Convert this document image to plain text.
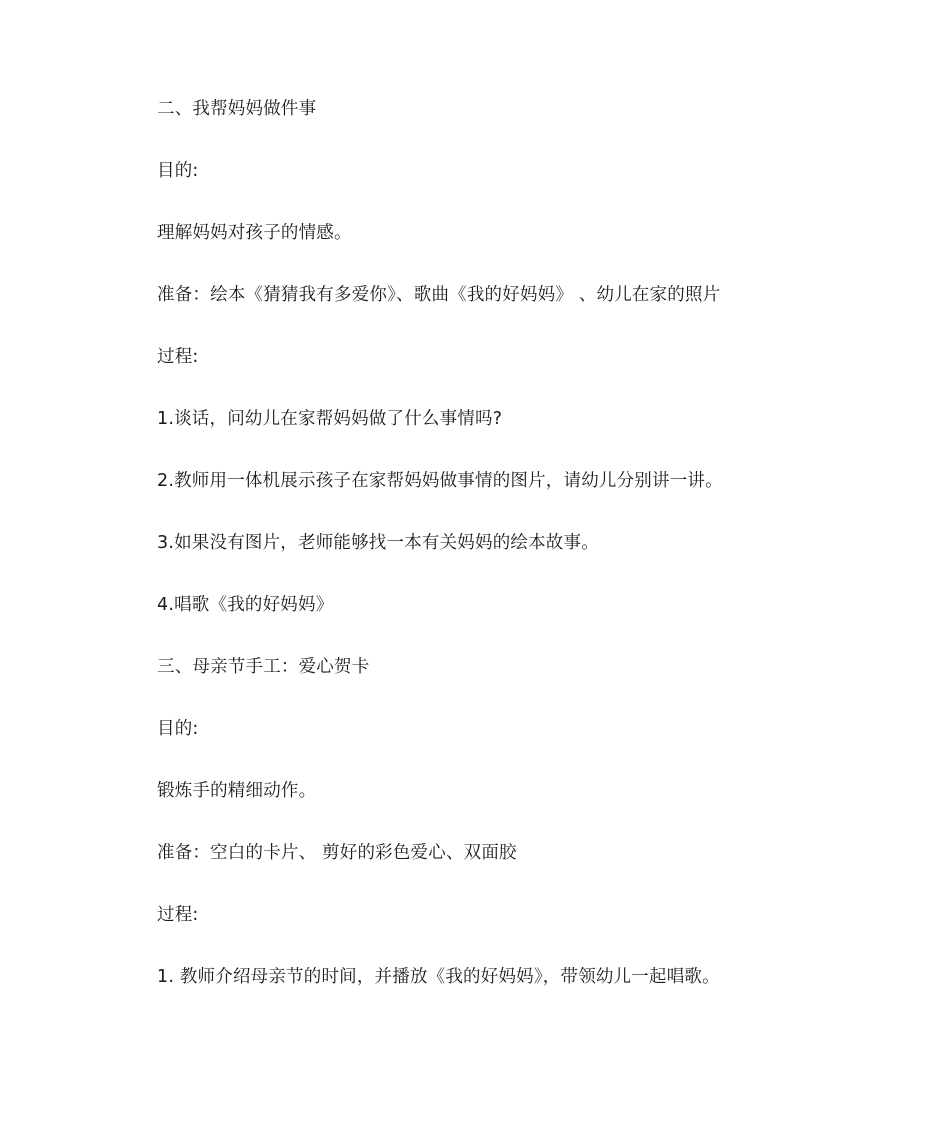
二、我帮妈妈做件事

目的:

理解妈妈对孩子的情感。

准备：绘本《猜猜我有多爱你》、歌曲《我的好妈妈》 、幼儿在家的照片

过程:

1.谈话，问幼儿在家帮妈妈做了什么事情吗?

2.教师用一体机展示孩子在家帮妈妈做事情的图片，请幼儿分别讲一讲。

3.如果没有图片，老师能够找一本有关妈妈的绘本故事。

4.唱歌《我的好妈妈》

三、母亲节手工：爱心贺卡

目的:

锻炼手的精细动作。

准备：空白的卡片、 剪好的彩色爱心、双面胶

过程:

1. 教师介绍母亲节的时间，并播放《我的好妈妈》，带领幼儿一起唱歌。
